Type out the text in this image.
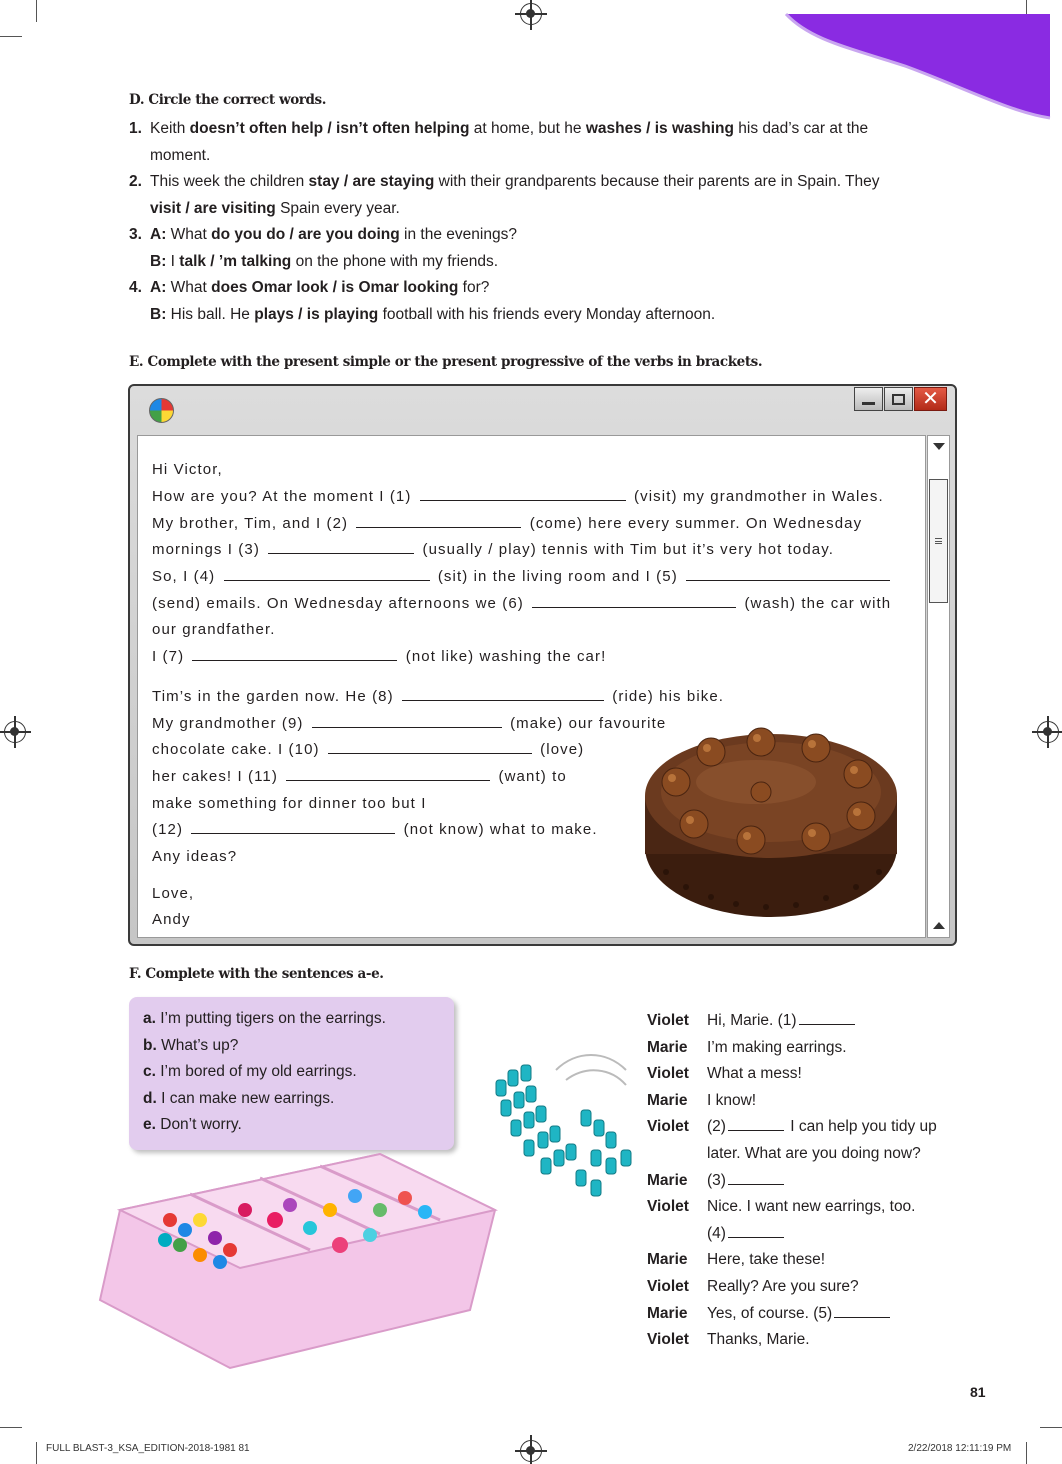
D. Circle the correct words.
1. Keith doesn’t often help / isn’t often helping at home, but he washes / is washing his dad’s car at the
moment.
2. This week the children stay / are staying with their grandparents because their parents are in Spain. They
visit / are visiting Spain every year.
3. A: What do you do / are you doing in the evenings?
B: I talk / ’m talking on the phone with my friends.
4. A: What does Omar look / is Omar looking for?
B: His ball. He plays / is playing football with his friends every Monday afternoon.
E. Complete with the present simple or the present progressive of the verbs in brackets.
✕
Hi Victor,
How are you? At the moment I (1)	(visit) my grandmother in Wales.
My brother, Tim, and I (2)	(come) here every summer. On Wednesday
mornings I (3)	(usually / play) tennis with Tim but it’s very hot today.
So, I (4)	(sit) in the living room and I (5)
(send) emails. On Wednesday afternoons we (6)	(wash) the car with
our grandfather.
I (7)	(not like) washing the car!
Tim’s in the garden now. He (8)	(ride) his bike.
My grandmother (9)	(make) our favourite
chocolate cake. I (10)	(love)
her cakes! I (11)	(want) to
make something for dinner too but I
(12)	(not know) what to make.
Any ideas?
Love,
Andy
F. Complete with the sentences a-e.
a. I’m putting tigers on the earrings.
b. What’s up?
c. I’m bored of my old earrings.
d. I can make new earrings.
e. Don’t worry.
Violet	Hi, Marie. (1)
Marie	I’m making earrings.
Violet	What a mess!
Marie	I know!
Violet	(2)	I can help you tidy up
later. What are you doing now?
Marie	(3)
Violet	Nice. I want new earrings, too.
(4)
Marie	Here, take these!
Violet	Really? Are you sure?
Marie	Yes, of course. (5)
Violet	Thanks, Marie.
81
FULL BLAST-3_KSA_EDITION-2018-1981 81	2/22/2018 12:11:19 PM
